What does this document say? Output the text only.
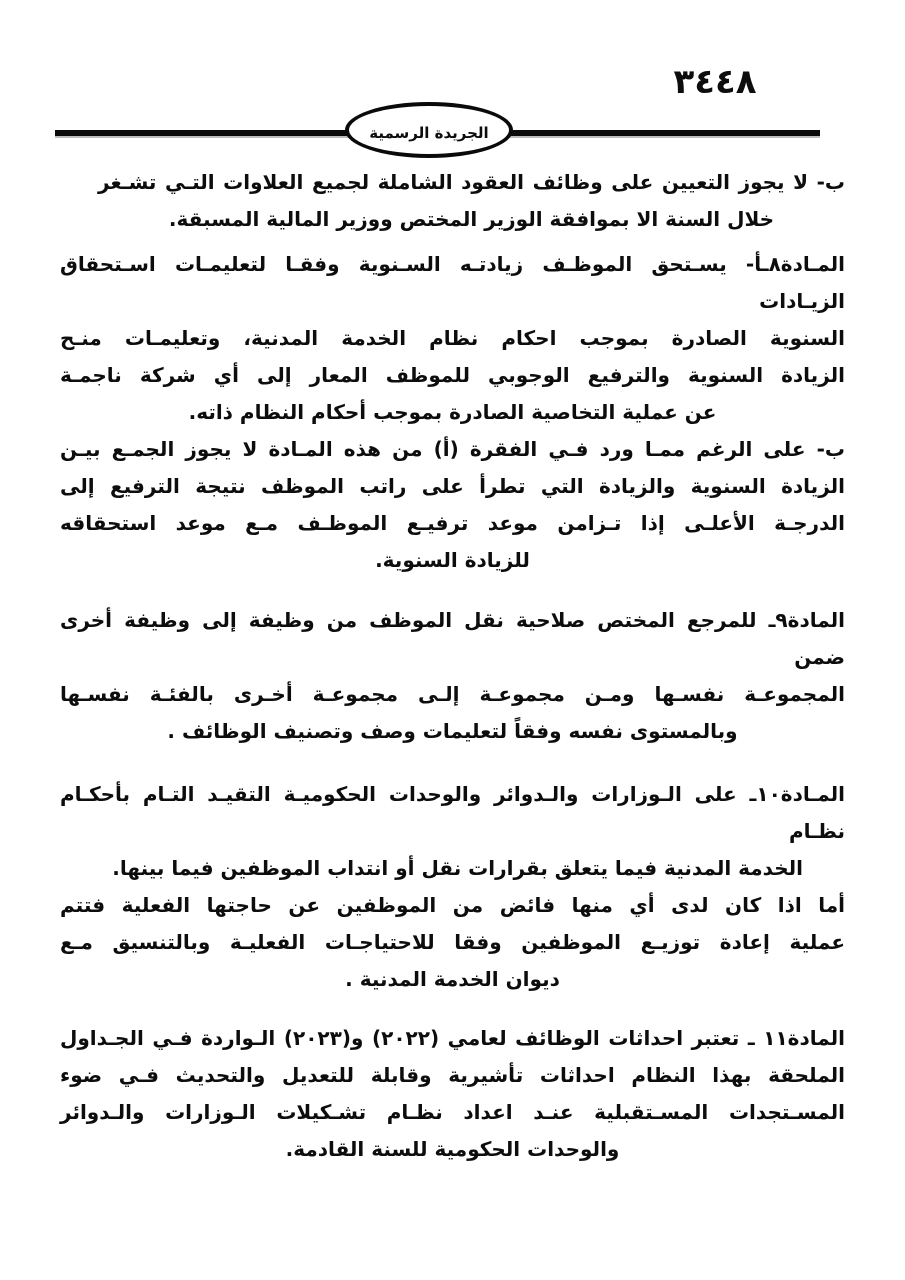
٣٤٤٨
الجريدة الرسمية
ب- لا يجوز التعيين على وظائف العقود الشاملة لجميع العلاوات التـي تشـغر
خلال السنة الا بموافقة الوزير المختص ووزير المالية المسبقة.
المـادة٨ـأ- يسـتحق الموظـف زيادتـه السـنوية وفقـا لتعليمـات اسـتحقاق الزيـادات
السنوية الصادرة بموجب احكام نظام الخدمة المدنية، وتعليمـات منـح
الزيادة السنوية والترفيع الوجوبي للموظف المعار إلى أي شركة ناجمـة
عن عملية التخاصية الصادرة بموجب أحكام النظام ذاته.
ب- على الرغم ممـا ورد فـي الفقرة (أ) من هذه المـادة لا يجوز الجمـع بيـن
الزيادة السنوية والزيادة التي تطرأ على راتب الموظف نتيجة الترفيع إلى
الدرجـة الأعلـى إذا تـزامن موعد ترفيـع الموظـف مـع موعد استحقاقه
للزيادة السنوية.
المادة٩ـ للمرجع المختص صلاحية نقل الموظف من وظيفة إلى وظيفة أخرى ضمن
المجموعـة نفسـها ومـن مجموعـة إلـى مجموعـة أخـرى بالفئـة نفسـها
وبالمستوى نفسه وفقاً لتعليمات وصف وتصنيف الوظائف .
المـادة١٠ـ على الـوزارات والـدوائر والوحدات الحكوميـة التقيـد التـام بأحكـام نظـام
الخدمة المدنية فيما يتعلق بقرارات نقل أو انتداب الموظفين فيما بينها.
أما اذا كان لدى أي منها فائض من الموظفين عن حاجتها الفعلية فتتم
عملية إعادة توزيـع الموظفين وفقا للاحتياجـات الفعليـة وبالتنسيق مـع
ديوان الخدمة المدنية .
المادة١١ ـ تعتبر احداثات الوظائف لعامي (٢٠٢٢) و(٢٠٢٣) الـواردة فـي الجـداول
الملحقة بهذا النظام احداثات تأشيرية وقابلة للتعديل والتحديث فـي ضوء
المسـتجدات المسـتقبلية عنـد اعداد نظـام تشـكيلات الـوزارات والـدوائر
والوحدات الحكومية للسنة القادمة.
